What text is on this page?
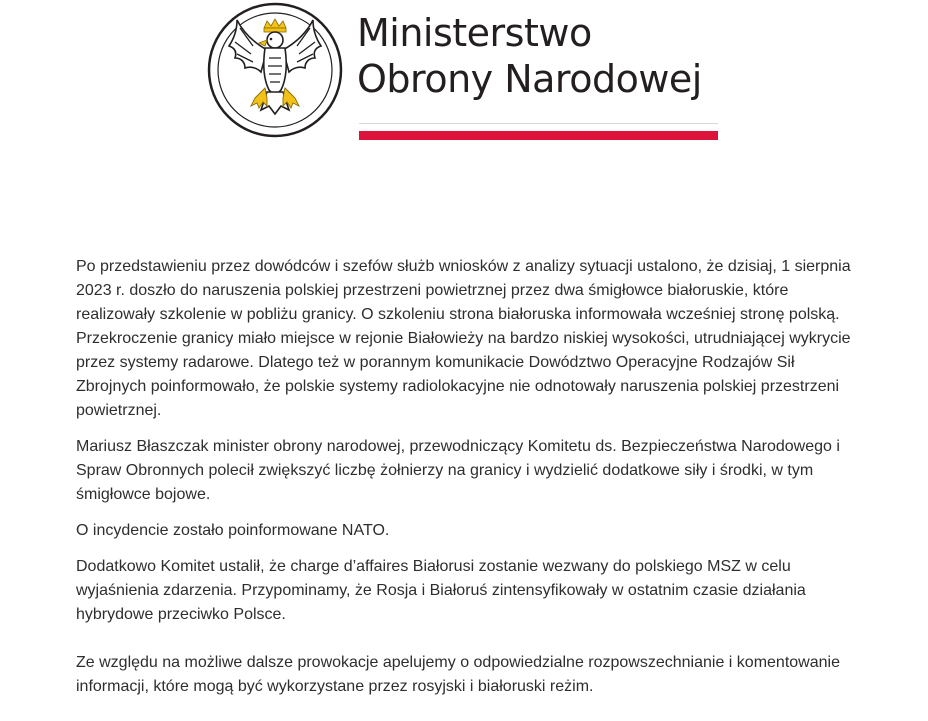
Ministerstwo
Obrony Narodowej

Po przedstawieniu przez dowódców i szefów służb wniosków z analizy sytuacji ustalono, że dzisiaj, 1 sierpnia 2023 r. doszło do naruszenia polskiej przestrzeni powietrznej przez dwa śmigłowce białoruskie, które realizowały szkolenie w pobliżu granicy. O szkoleniu strona białoruska informowała wcześniej stronę polską. Przekroczenie granicy miało miejsce w rejonie Białowieży na bardzo niskiej wysokości, utrudniającej wykrycie przez systemy radarowe. Dlatego też w porannym komunikacie Dowództwo Operacyjne Rodzajów Sił Zbrojnych poinformowało, że polskie systemy radiolokacyjne nie odnotowały naruszenia polskiej przestrzeni powietrznej.

Mariusz Błaszczak minister obrony narodowej, przewodniczący Komitetu ds. Bezpieczeństwa Narodowego i Spraw Obronnych polecił zwiększyć liczbę żołnierzy na granicy i wydzielić dodatkowe siły i środki, w tym śmigłowce bojowe.

O incydencie zostało poinformowane NATO.

Dodatkowo Komitet ustalił, że charge d’affaires Białorusi zostanie wezwany do polskiego MSZ w celu wyjaśnienia zdarzenia. Przypominamy, że Rosja i Białoruś zintensyfikowały w ostatnim czasie działania hybrydowe przeciwko Polsce.

Ze względu na możliwe dalsze prowokacje apelujemy o odpowiedzialne rozpowszechnianie i komentowanie informacji, które mogą być wykorzystane przez rosyjski i białoruski reżim.
